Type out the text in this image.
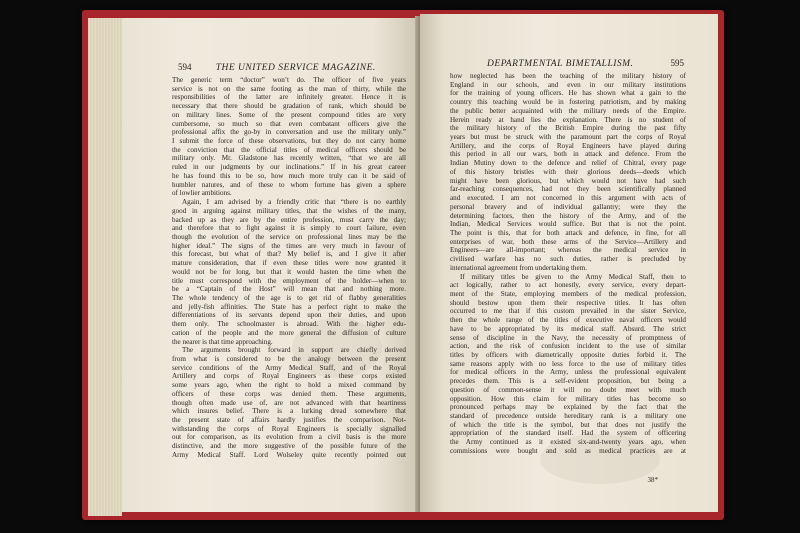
594	THE UNITED SERVICE MAGAZINE.
The generic term “doctor” won’t do. The officer of five years
service is not on the same footing as the man of thirty, while the
responsibilities of the latter are infinitely greater. Hence it is
necessary that there should be gradation of rank, which should be
on military lines. Some of the present compound titles are very
cumbersome, so much so that even combatant officers give the
professional affix the go-by in conversation and use the military only.”
I submit the force of these observations, but they do not carry home
the conviction that the official titles of medical officers should be
military only. Mr. Gladstone has recently written, “that we are all
ruled in our judgments by our inclinations.” If in his great career
he has found this to be so, how much more truly can it be said of
humbler natures, and of these to whom fortune has given a sphere
of lowlier ambitions.
Again, I am advised by a friendly critic that “there is no earthly
good in arguing against military titles, that the wishes of the many,
backed up as they are by the entire profession, must carry the day;
and therefore that to fight against it is simply to court failure, even
though the evolution of the service on professional lines may be the
higher ideal.” The signs of the times are very much in favour of
this forecast, but what of that? My belief is, and I give it after
mature consideration, that if even these titles were now granted it
would not be for long, but that it would hasten the time when the
title must correspond with the employment of the holder—when to
be a “Captain of the Host” will mean that and nothing more.
The whole tendency of the age is to get rid of flabby generalities
and jelly-fish affinities. The State has a perfect right to make the
differentiations of its servants depend upon their duties, and upon
them only. The schoolmaster is abroad. With the higher edu-
cation of the people and the more general the diffusion of culture
the nearer is that time approaching.
The arguments brought forward in support are chiefly derived
from what is considered to be the analogy between the present
service conditions of the Army Medical Staff, and of the Royal
Artillery and corps of Royal Engineers as these corps existed
some years ago, when the right to hold a mixed command by
officers of these corps was denied them. These arguments,
though often made use of, are not advanced with that heartiness
which insures belief. There is a lurking dread somewhere that
the present state of affairs hardly justifies the comparison. Not-
withstanding the corps of Royal Engineers is specially signalled
out for comparison, as its evolution from a civil basis is the more
distinctive, and the more suggestive of the possible future of the
Army Medical Staff. Lord Wolseley quite recently pointed out
DEPARTMENTAL BIMETALLISM.	595
how neglected has been the teaching of the military history of
England in our schools, and even in our military institutions
for the training of young officers. He has shown what a gain to the
country this teaching would be in fostering patriotism, and by making
the public better acquainted with the military needs of the Empire.
Herein ready at hand lies the explanation. There is no student of
the military history of the British Empire during the past fifty
years but must be struck with the paramount part the corps of Royal
Artillery, and the corps of Royal Engineers have played during
this period in all our wars, both in attack and defence. From the
Indian Mutiny down to the defence and relief of Chitral, every page
of this history bristles with their glorious deeds—deeds which
might have been glorious, but which would not have had such
far-reaching consequences, had not they been scientifically planned
and executed. I am not concerned in this argument with acts of
personal bravery and of individual gallantry; were they the
determining factors, then the history of the Army, and of the
Indian, Medical Services would suffice. But that is not the point.
The point is this, that for both attack and defence, in fine, for all
enterprises of war, both these arms of the Service—Artillery and
Engineers—are all-important; whereas the medical service in
civilised warfare has no such duties, rather is precluded by
international agreement from undertaking them.
If military titles be given to the Army Medical Staff, then to
act logically, rather to act honestly, every service, every depart-
ment of the State, employing members of the medical profession,
should bestow upon them their respective titles. It has often
occurred to me that if this custom prevailed in the sister Service,
then the whole range of the titles of executive naval officers would
have to be appropriated by its medical staff. Absurd. The strict
sense of discipline in the Navy, the necessity of promptness of
action, and the risk of confusion incident to the use of similar
titles by officers with diametrically opposite duties forbid it. The
same reasons apply with no less force to the use of military titles
for medical officers in the Army, unless the professional equivalent
precedes them. This is a self-evident proposition, but being a
question of common-sense it will no doubt meet with much
opposition. How this claim for military titles has become so
pronounced perhaps may be explained by the fact that the
standard of precedence outside hereditary rank is a military one
of which the title is the symbol, but that does not justify the
appropriation of the standard itself. Had the system of officering
the Army continued as it existed six-and-twenty years ago, when
commissions were bought and sold as medical practices are at
38*
